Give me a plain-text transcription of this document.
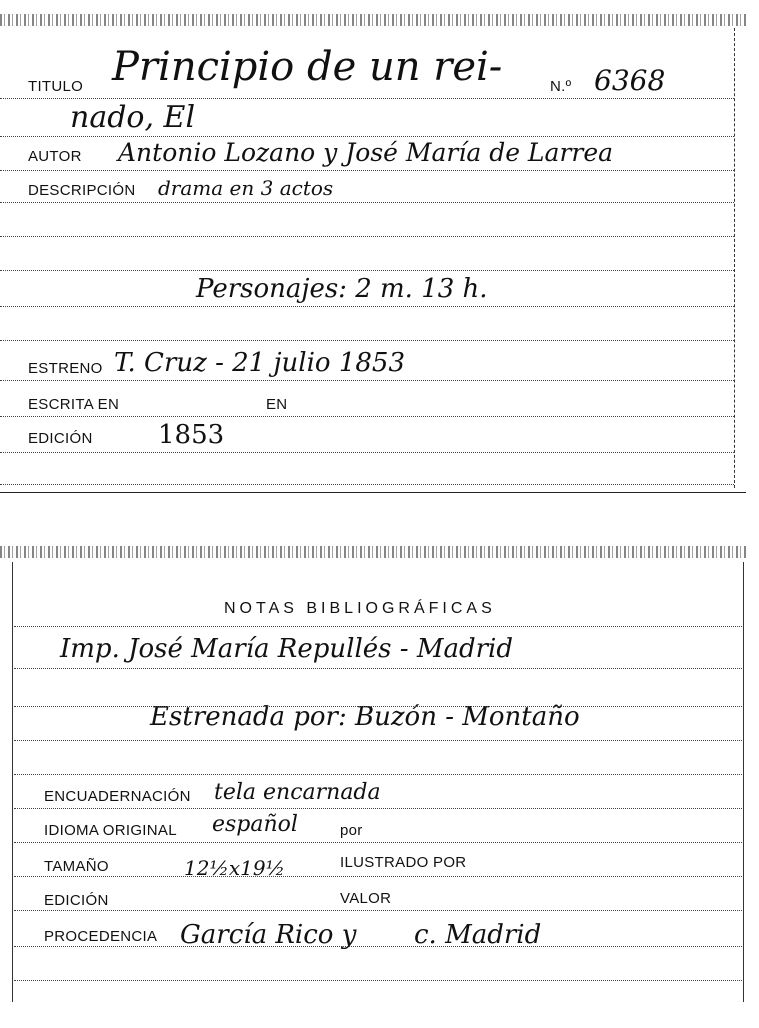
TITULO Principio de un rei-	N.º 6368
nado, El
AUTOR Antonio Lozano y José María de Larrea
DESCRIPCIÓN drama en 3 actos
Personajes: 2 m. 13 h.
ESTRENO T. Cruz - 21 julio 1853
ESCRITA EN	EN
EDICIÓN	1853
NOTAS BIBLIOGRÁFICAS
Imp. José María Repullés - Madrid
Estrenada por: Buzón - Montaño
ENCUADERNACIÓN tela encarnada
IDIOMA ORIGINAL español	por
TAMAÑO	12½x19½	ILUSTRADO POR
EDICIÓN	VALOR
PROCEDENCIA García Rico y c. Madrid
